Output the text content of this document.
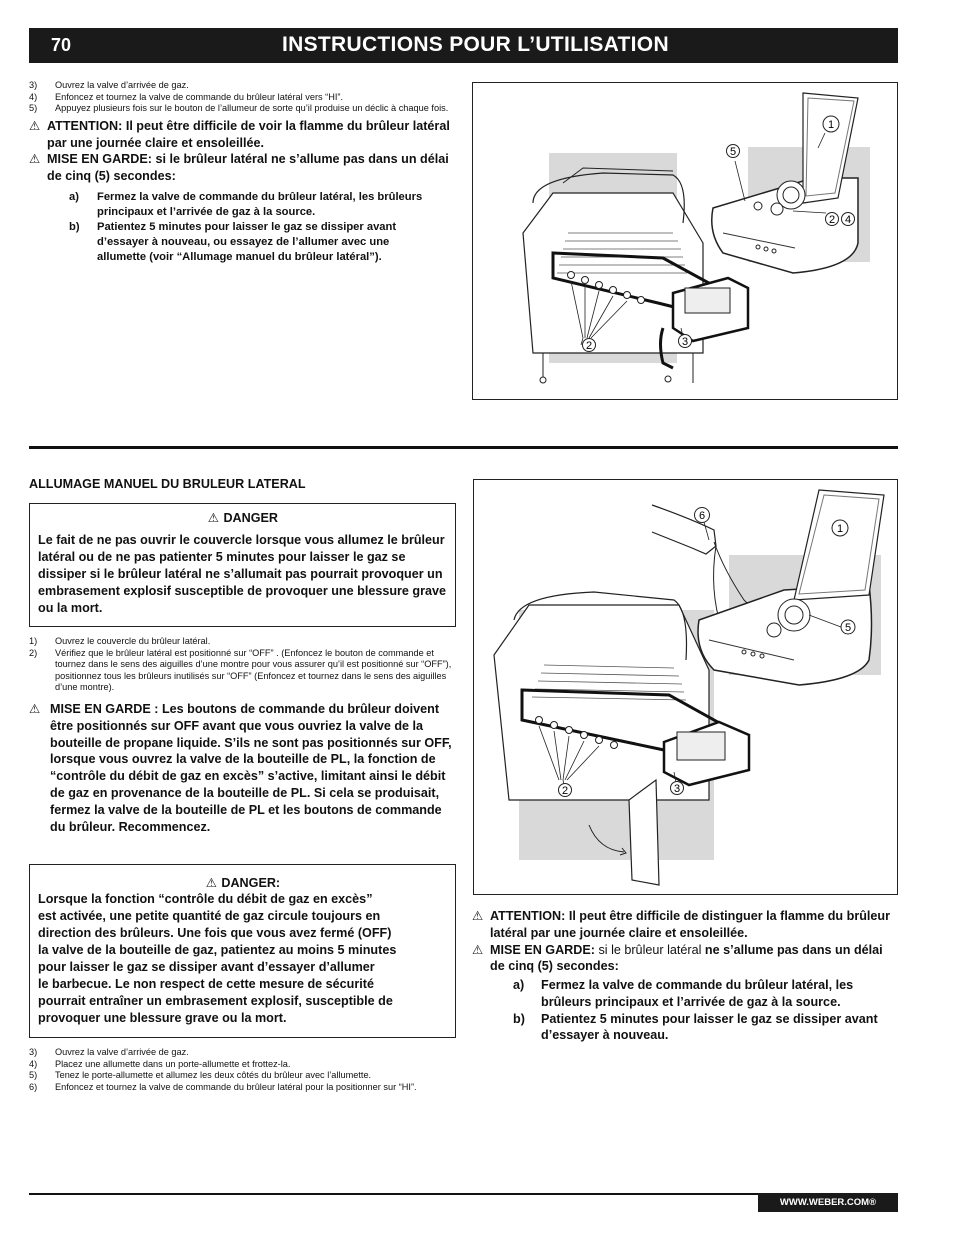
70	INSTRUCTIONS POUR L’UTILISATION
3)	Ouvrez la valve d’arrivée de gaz.
4)	Enfoncez et tournez la valve de commande du brûleur latéral vers “HI”.
5)	Appuyez plusieurs fois sur le bouton de l’allumeur de sorte qu’il produise un déclic à chaque fois.
⚠ ATTENTION: Il peut être difficile de voir la flamme du brûleur latéral par une journée claire et ensoleillée.
⚠ MISE EN GARDE: si le brûleur latéral ne s’allume pas dans un délai de cinq (5) secondes:
a)	Fermez la valve de commande du brûleur latéral, les brûleurs principaux et l’arrivée de gaz à la source.
b)	Patientez 5 minutes pour laisser le gaz se dissiper avant d’essayer à nouveau, ou essayez de l’allumer avec une allumette (voir “Allumage manuel du brûleur latéral”).
1
5
2 4
2	3
ALLUMAGE MANUEL DU BRULEUR LATERAL
⚠ DANGER
Le fait de ne pas ouvrir le couvercle lorsque vous allumez le brûleur latéral ou de ne pas patienter 5 minutes pour laisser le gaz se dissiper si le brûleur latéral ne s’allumait pas pourrait provoquer un embrasement explosif susceptible de provoquer une blessure grave ou la mort.
1)	Ouvrez le couvercle du brûleur latéral.
2)	Vérifiez que le brûleur latéral est positionné sur “OFF” . (Enfoncez le bouton de commande et tournez dans le sens des aiguilles d’une montre pour vous assurer qu’il est positionné sur “OFF”), positionnez tous les brûleurs inutilisés sur “OFF” (Enfoncez et tournez dans le sens des aiguilles d’une montre).
⚠ MISE EN GARDE : Les boutons de commande du brûleur doivent être positionnés sur OFF avant que vous ouvriez la valve de la bouteille de propane liquide. S’ils ne sont pas positionnés sur OFF, lorsque vous ouvrez la valve de la bouteille de PL, la fonction de “contrôle du débit de gaz en excès” s’active, limitant ainsi le débit de gaz en provenance de la bouteille de PL. Si cela se produisait, fermez la valve de la bouteille de PL et les boutons de commande du brûleur. Recommencez.
⚠ DANGER:
Lorsque la fonction “contrôle du débit de gaz en excès”
est activée, une petite quantité de gaz circule toujours en
direction des brûleurs. Une fois que vous avez fermé (OFF)
la valve de la bouteille de gaz, patientez au moins 5 minutes
pour laisser le gaz se dissiper avant d’essayer d’allumer
le barbecue. Le non respect de cette mesure de sécurité
pourrait entraîner un embrasement explosif, susceptible de
provoquer une blessure grave ou la mort.
3)	Ouvrez la valve d’arrivée de gaz.
4)	Placez une allumette dans un porte-allumette et frottez-la.
5)	Tenez le porte-allumette et allumez les deux côtés du brûleur avec l’allumette.
6)	Enfoncez et tournez la valve de commande du brûleur latéral pour la positionner sur “HI”.
6
1
5
2	3
⚠ ATTENTION: Il peut être difficile de distinguer la flamme du brûleur latéral par une journée claire et ensoleillée.
⚠ MISE EN GARDE: si le brûleur latéral ne s’allume pas dans un délai de cinq (5) secondes:
a)	Fermez la valve de commande du brûleur latéral, les brûleurs principaux et l’arrivée de gaz à la source.
b)	Patientez 5 minutes pour laisser le gaz se dissiper avant d’essayer à nouveau.
WWW.WEBER.COM®
